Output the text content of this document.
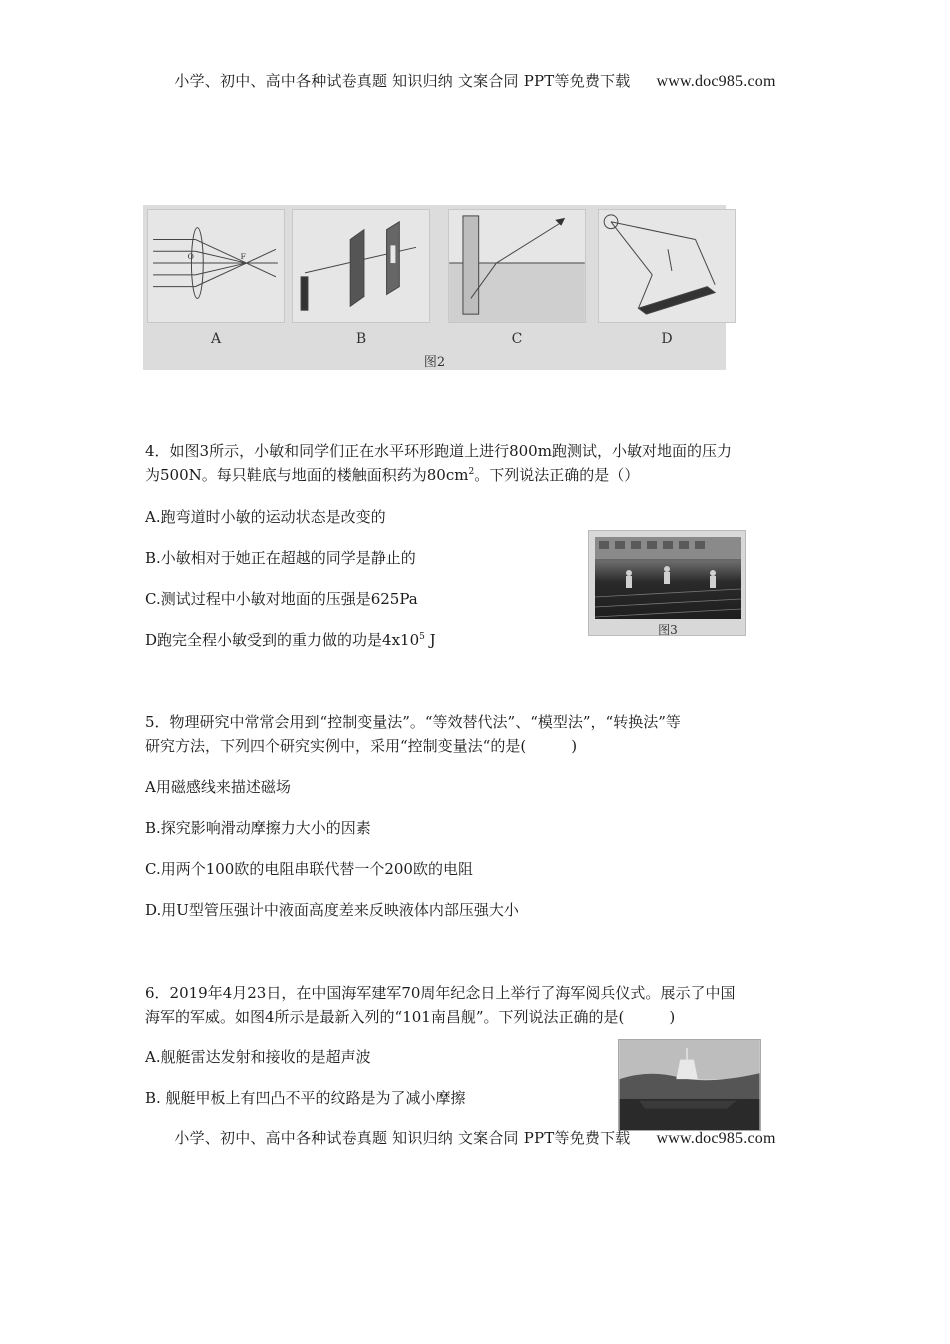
小学、初中、高中各种试卷真题 知识归纳 文案合同 PPT等免费下载 www.doc985.com
O	F
A	B	C	D
图2
4．如图3所示，小敏和同学们正在水平环形跑道上进行800m跑测试，小敏对地面的压力
为500N。每只鞋底与地面的楼触面积药为$80cm^2$。下列说法正确的是（）
A.跑弯道时小敏的运动状态是改变的
B.小敏相对于她正在超越的同学是静止的
C.测试过程中小敏对地面的压强是625Pa
D跑完全程小敏受到的重力做的功是$4x10^5$ J
图3
5．物理研究中常常会用到“控制变量法”。“等效替代法”、“模型法”，“转换法”等
研究方法，下列四个研究实例中，采用“控制变量法“的是(　　　)
A用磁感线来描述磁场
B.探究影响滑动摩擦力大小的因素
C.用两个100欧的电阻串联代替一个200欧的电阻
D.用U型管压强计中液面高度差来反映液体内部压强大小
6．2019年4月23日，在中国海军建军70周年纪念日上举行了海军阅兵仪式。展示了中国
海军的军威。如图4所示是最新入列的“101南昌舰”。下列说法正确的是(　　　)
A.舰艇雷达发射和接收的是超声波
B. 舰艇甲板上有凹凸不平的纹路是为了减小摩擦
小学、初中、高中各种试卷真题 知识归纳 文案合同 PPT等免费下载 www.doc985.com
